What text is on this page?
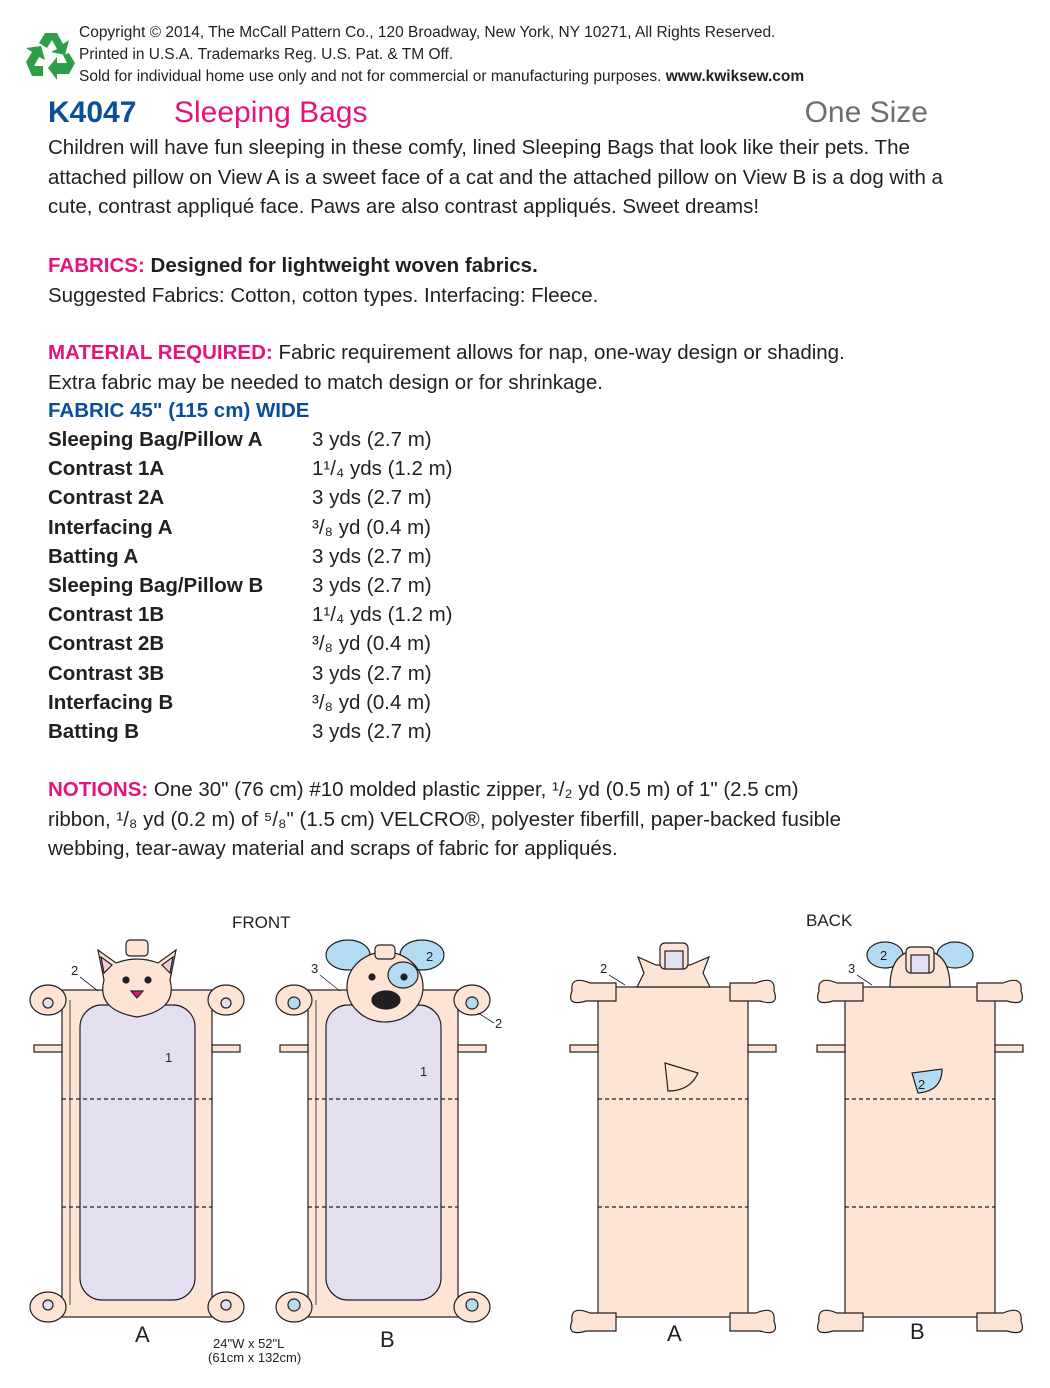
Copyright © 2014, The McCall Pattern Co., 120 Broadway, New York, NY 10271, All Rights Reserved.
Printed in U.S.A. Trademarks Reg. U.S. Pat. & TM Off.
Sold for individual home use only and not for commercial or manufacturing purposes. www.kwiksew.com
K4047 Sleeping Bags	One Size
Children will have fun sleeping in these comfy, lined Sleeping Bags that look like their pets. The attached pillow on View A is a sweet face of a cat and the attached pillow on View B is a dog with a cute, contrast appliqué face. Paws are also contrast appliqués. Sweet dreams!
FABRICS: Designed for lightweight woven fabrics.
Suggested Fabrics: Cotton, cotton types. Interfacing: Fleece.
MATERIAL REQUIRED: Fabric requirement allows for nap, one-way design or shading.
Extra fabric may be needed to match design or for shrinkage.
FABRIC 45" (115 cm) WIDE
Sleeping Bag/Pillow A	3 yds (2.7 m)
Contrast 1A	1¹/₄ yds (1.2 m)
Contrast 2A	3 yds (2.7 m)
Interfacing A	³/₈ yd (0.4 m)
Batting A	3 yds (2.7 m)
Sleeping Bag/Pillow B	3 yds (2.7 m)
Contrast 1B	1¹/₄ yds (1.2 m)
Contrast 2B	³/₈ yd (0.4 m)
Contrast 3B	3 yds (2.7 m)
Interfacing B	³/₈ yd (0.4 m)
Batting B	3 yds (2.7 m)
NOTIONS: One 30" (76 cm) #10 molded plastic zipper, ¹/₂ yd (0.5 m) of 1" (2.5 cm)
ribbon, ¹/₈ yd (0.2 m) of ⁵/₈" (1.5 cm) VELCRO®, polyester fiberfill, paper-backed fusible
webbing, tear-away material and scraps of fabric for appliqués.
FRONT	BACK
2
1
A
3
2
2
1
B
24"W x 52"L
(61cm x 132cm)
2
A
2
2
3
B
